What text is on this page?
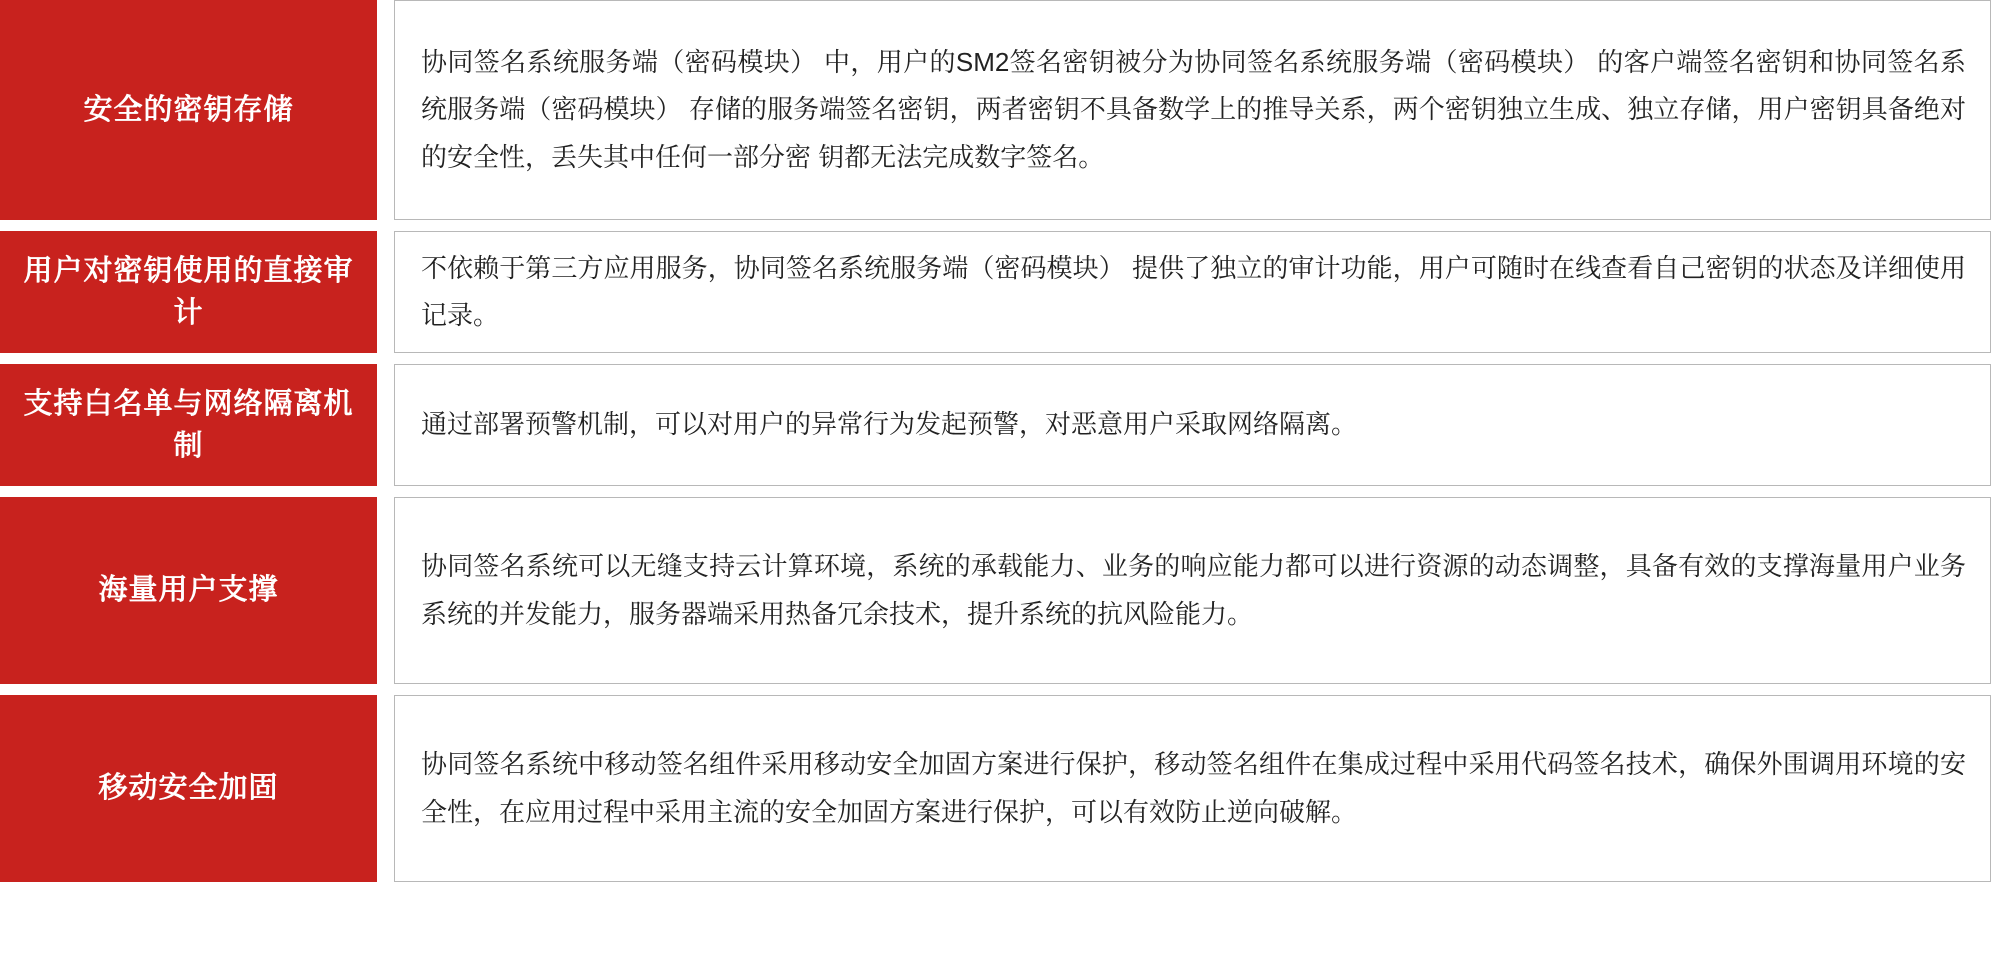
安全的密钥存储
协同签名系统服务端（密码模块） 中，用户的SM2签名密钥被分为协同签名系统服务端（密码模块） 的客户端签名密钥和协同签名系统服务端（密码模块） 存储的服务端签名密钥，两者密钥不具备数学上的推导关系，两个密钥独立生成、独立存储，用户密钥具备绝对的安全性，丢失其中任何一部分密 钥都无法完成数字签名。
用户对密钥使用的直接审计
不依赖于第三方应用服务，协同签名系统服务端（密码模块） 提供了独立的审计功能，用户可随时在线查看自己密钥的状态及详细使用记录。
支持白名单与网络隔离机制
通过部署预警机制，可以对用户的异常行为发起预警，对恶意用户采取网络隔离。
海量用户支撑
协同签名系统可以无缝支持云计算环境，系统的承载能力、业务的响应能力都可以进行资源的动态调整，具备有效的支撑海量用户业务系统的并发能力，服务器端采用热备冗余技术，提升系统的抗风险能力。
移动安全加固
协同签名系统中移动签名组件采用移动安全加固方案进行保护，移动签名组件在集成过程中采用代码签名技术，确保外围调用环境的安全性，在应用过程中采用主流的安全加固方案进行保护，可以有效防止逆向破解。
